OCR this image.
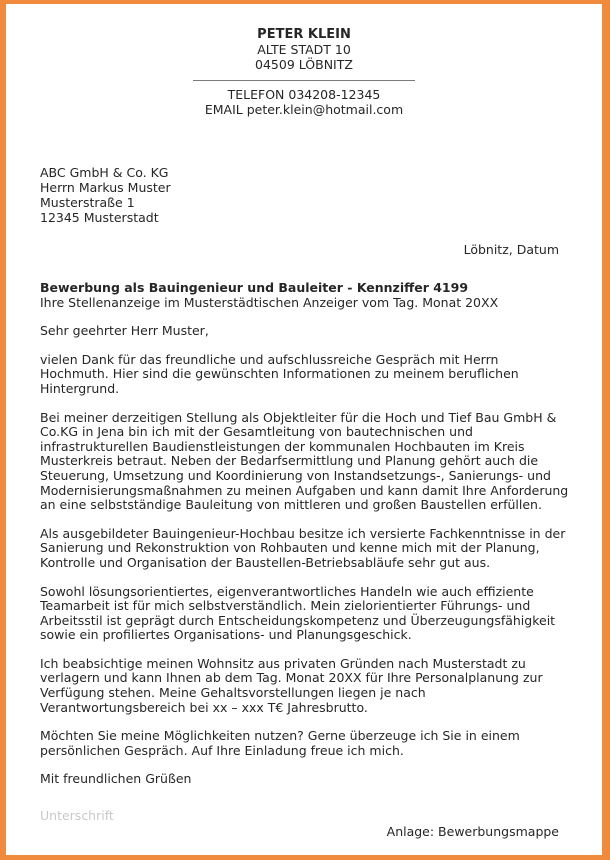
PETER KLEIN
ALTE STADT 10
04509 LÖBNITZ
TELEFON 034208-12345
EMAIL peter.klein@hotmail.com
ABC GmbH & Co. KG
Herrn Markus Muster
Musterstraße 1
12345 Musterstadt
Löbnitz, Datum

Bewerbung als Bauingenieur und Bauleiter - Kennziffer 4199

Ihre Stellenanzeige im Musterstädtischen Anzeiger vom Tag. Monat 20XX

Sehr geehrter Herr Muster,

vielen Dank für das freundliche und aufschlussreiche Gespräch mit Herrn Hochmuth. Hier sind die gewünschten Informationen zu meinem beruflichen Hintergrund.

Bei meiner derzeitigen Stellung als Objektleiter für die Hoch und Tief Bau GmbH & Co.KG in Jena bin ich mit der Gesamtleitung von bautechnischen und infrastrukturellen Baudienstleistungen der kommunalen Hochbauten im Kreis Musterkreis betraut. Neben der Bedarfsermittlung und Planung gehört auch die Steuerung, Umsetzung und Koordinierung von Instandsetzungs-, Sanierungs- und Modernisierungsmaßnahmen zu meinen Aufgaben und kann damit Ihre Anforderung an eine selbstständige Bauleitung von mittleren und großen Baustellen erfüllen.

Als ausgebildeter Bauingenieur-Hochbau besitze ich versierte Fachkenntnisse in der Sanierung und Rekonstruktion von Rohbauten und kenne mich mit der Planung, Kontrolle und Organisation der Baustellen-Betriebsabläufe sehr gut aus.

Sowohl lösungsorientiertes, eigenverantwortliches Handeln wie auch effiziente Teamarbeit ist für mich selbstverständlich. Mein zielorientierter Führungs- und Arbeitsstil ist geprägt durch Entscheidungskompetenz und Überzeugungsfähigkeit sowie ein profiliertes Organisations- und Planungsgeschick.

Ich beabsichtige meinen Wohnsitz aus privaten Gründen nach Musterstadt zu verlagern und kann Ihnen ab dem Tag. Monat 20XX für Ihre Personalplanung zur Verfügung stehen. Meine Gehaltsvorstellungen liegen je nach Verantwortungsbereich bei xx – xxx T€ Jahresbrutto.

Möchten Sie meine Möglichkeiten nutzen? Gerne überzeuge ich Sie in einem persönlichen Gespräch. Auf Ihre Einladung freue ich mich.

Mit freundlichen Grüßen

Unterschrift
Anlage: Bewerbungsmappe
